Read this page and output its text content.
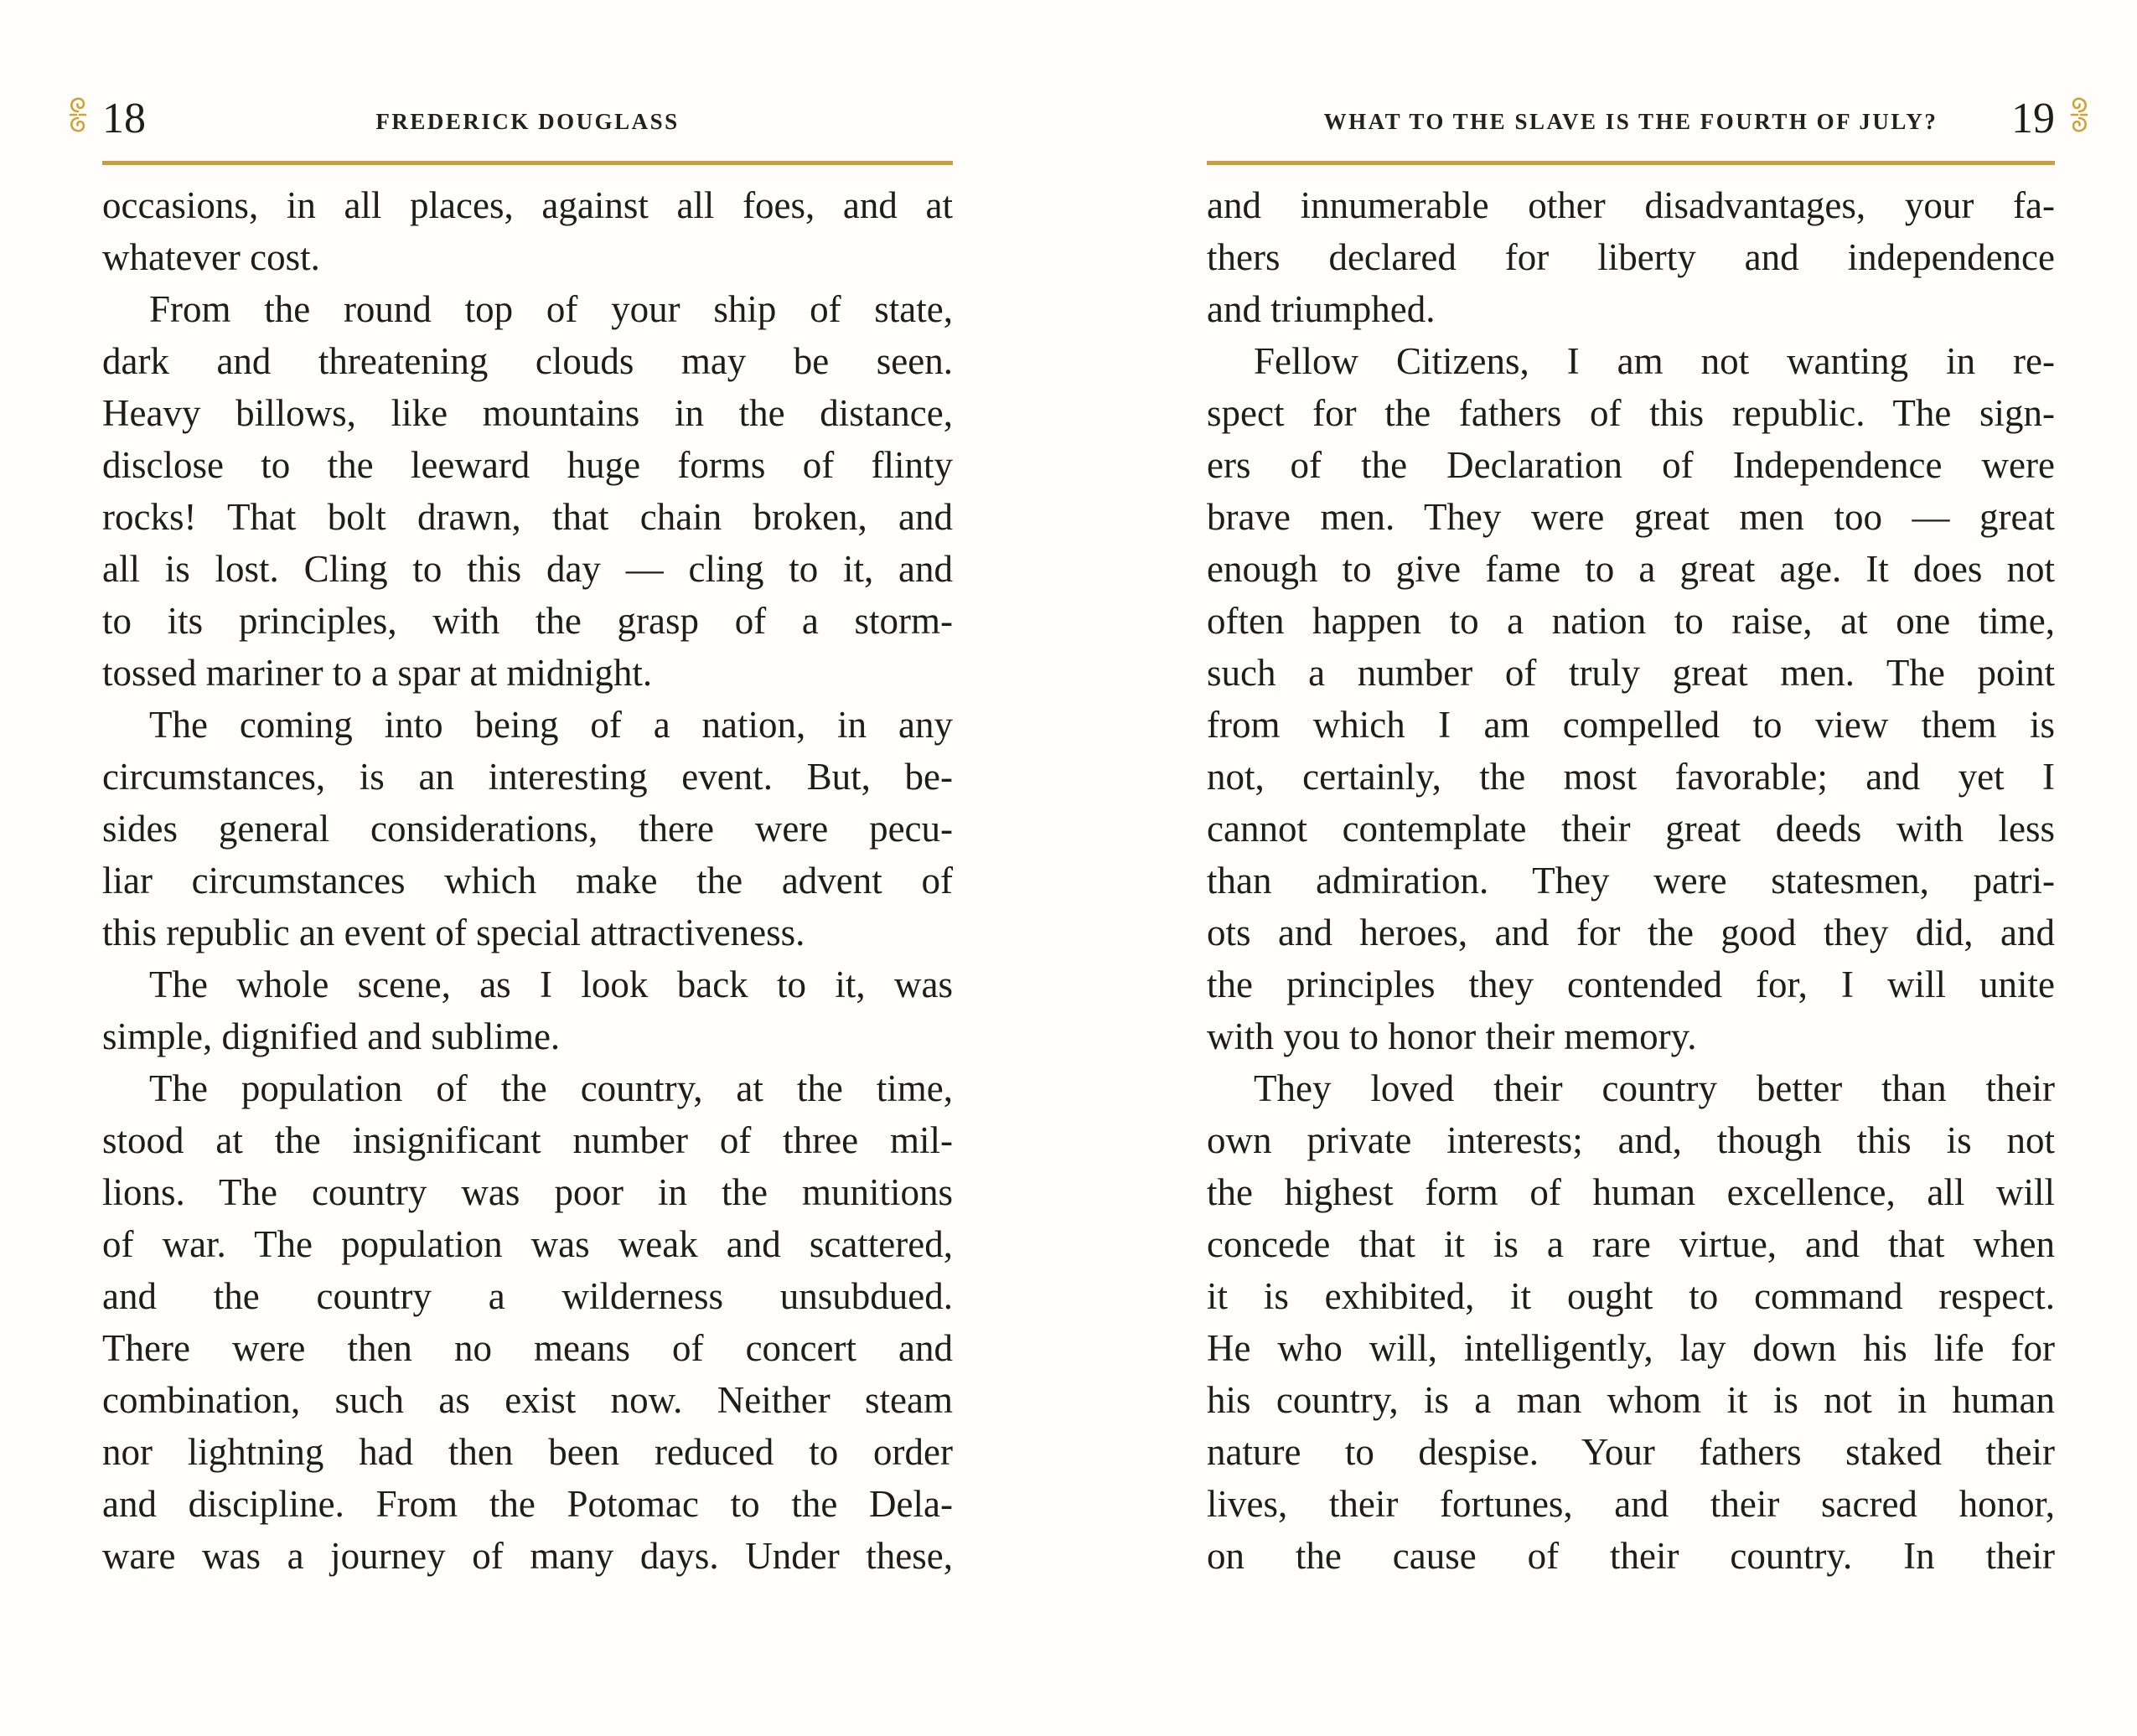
18	FREDERICK DOUGLASS
occasions, in all places, against all foes, and at
whatever cost.
From the round top of your ship of state,
dark and threatening clouds may be seen.
Heavy billows, like mountains in the distance,
disclose to the leeward huge forms of flinty
rocks! That bolt drawn, that chain broken, and
all is lost. Cling to this day — cling to it, and
to its principles, with the grasp of a storm-
tossed mariner to a spar at midnight.
The coming into being of a nation, in any
circumstances, is an interesting event. But, be-
sides general considerations, there were pecu-
liar circumstances which make the advent of
this republic an event of special attractiveness.
The whole scene, as I look back to it, was
simple, dignified and sublime.
The population of the country, at the time,
stood at the insignificant number of three mil-
lions. The country was poor in the munitions
of war. The population was weak and scattered,
and the country a wilderness unsubdued.
There were then no means of concert and
combination, such as exist now. Neither steam
nor lightning had then been reduced to order
and discipline. From the Potomac to the Dela-
ware was a journey of many days. Under these,
WHAT TO THE SLAVE IS THE FOURTH OF JULY?	19
and innumerable other disadvantages, your fa-
thers declared for liberty and independence
and triumphed.
Fellow Citizens, I am not wanting in re-
spect for the fathers of this republic. The sign-
ers of the Declaration of Independence were
brave men. They were great men too — great
enough to give fame to a great age. It does not
often happen to a nation to raise, at one time,
such a number of truly great men. The point
from which I am compelled to view them is
not, certainly, the most favorable; and yet I
cannot contemplate their great deeds with less
than admiration. They were statesmen, patri-
ots and heroes, and for the good they did, and
the principles they contended for, I will unite
with you to honor their memory.
They loved their country better than their
own private interests; and, though this is not
the highest form of human excellence, all will
concede that it is a rare virtue, and that when
it is exhibited, it ought to command respect.
He who will, intelligently, lay down his life for
his country, is a man whom it is not in human
nature to despise. Your fathers staked their
lives, their fortunes, and their sacred honor,
on the cause of their country. In their
